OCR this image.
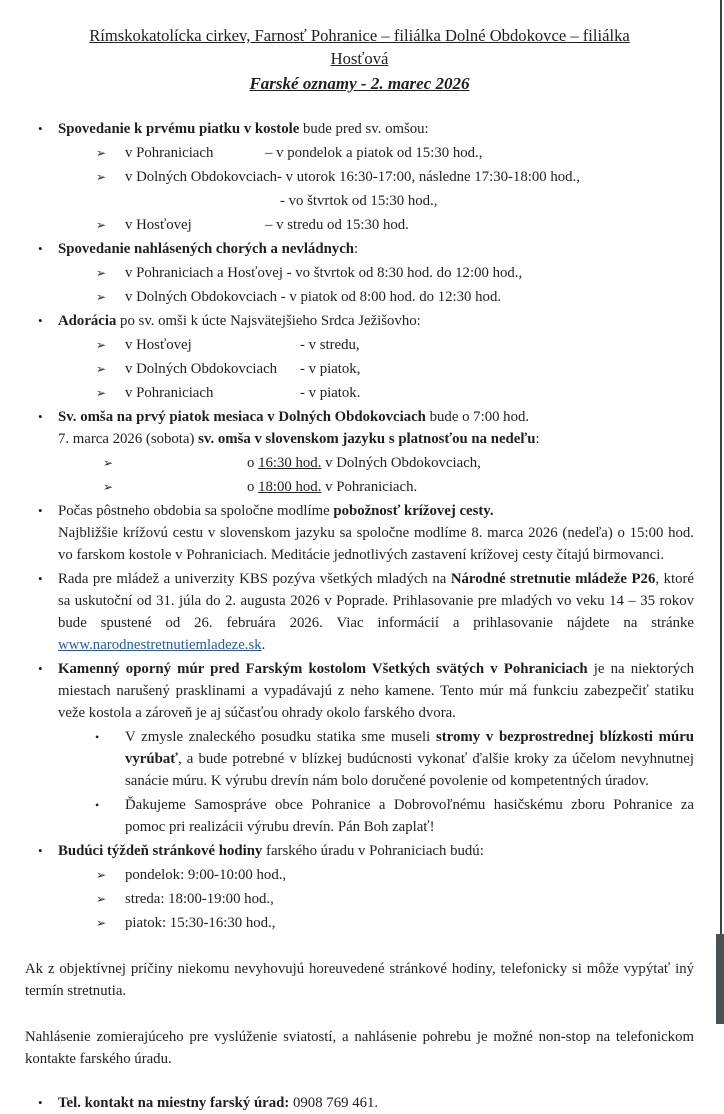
Rímskokatolícka cirkev, Farnosť Pohranice – filiálka Dolné Obdokovce – filiálka
Hosťová
Farské oznamy - 2. marec 2026
•	Spovedanie k prvému piatku v kostole bude pred sv. omšou:
➢	v Pohraniciach	– v pondelok a piatok od 15:30 hod.,
➢	v Dolných Obdokovciach- v utorok 16:30-17:00, následne 17:30-18:00 hod.,
- vo štvrtok od 15:30 hod.,
➢	v Hosťovej	– v stredu od 15:30 hod.
•	Spovedanie nahlásených chorých a nevládnych:
➢	v Pohraniciach a Hosťovej - vo štvrtok od 8:30 hod. do 12:00 hod.,
➢	v Dolných Obdokovciach - v piatok od 8:00 hod. do 12:30 hod.
•	Adorácia po sv. omši k úcte Najsvätejšieho Srdca Ježišovho:
➢	v Hosťovej	- v stredu,
➢	v Dolných Obdokovciach - v piatok,
➢	v Pohraniciach	- v piatok.
•	Sv. omša na prvý piatok mesiaca v Dolných Obdokovciach bude o 7:00 hod.
7. marca 2026 (sobota) sv. omša v slovenskom jazyku s platnosťou na nedeľu:
➢	o 16:30 hod. v Dolných Obdokovciach,
➢	o 18:00 hod. v Pohraniciach.
•	Počas pôstneho obdobia sa spoločne modlíme pobožnosť krížovej cesty.
Najbližšie krížovú cestu v slovenskom jazyku sa spoločne modlíme 8. marca 2026 (nedeľa) o 15:00 hod. vo farskom kostole v Pohraniciach. Meditácie jednotlivých zastavení krížovej cesty čítajú birmovanci.
•	Rada pre mládež a univerzity KBS pozýva všetkých mladých na Národné stretnutie mládeže P26, ktoré sa uskutoční od 31. júla do 2. augusta 2026 v Poprade. Prihlasovanie pre mladých vo veku 14 – 35 rokov bude spustené od 26. februára 2026. Viac informácií a prihlasovanie nájdete na stránke www.narodnestretnutiemladeze.sk.
•	Kamenný oporný múr pred Farským kostolom Všetkých svätých v Pohraniciach je na niektorých miestach narušený prasklinami a vypadávajú z neho kamene. Tento múr má funkciu zabezpečiť statiku veže kostola a zároveň je aj súčasťou ohrady okolo farského dvora.
•	V zmysle znaleckého posudku statika sme museli stromy v bezprostrednej blízkosti múru vyrúbať, a bude potrebné v blízkej budúcnosti vykonať ďalšie kroky za účelom nevyhnutnej sanácie múru. K výrubu drevín nám bolo doručené povolenie od kompetentných úradov.
•	Ďakujeme Samospráve obce Pohranice a Dobrovoľnému hasičskému zboru Pohranice za pomoc pri realizácii výrubu drevín. Pán Boh zaplať!
•	Budúci týždeň stránkové hodiny farského úradu v Pohraniciach budú:
➢	pondelok: 9:00-10:00 hod.,
➢	streda: 18:00-19:00 hod.,
➢	piatok: 15:30-16:30 hod.,
Ak z objektívnej príčiny niekomu nevyhovujú horeuvedené stránkové hodiny, telefonicky si môže vypýtať iný termín stretnutia.
Nahlásenie zomierajúceho pre vyslúženie sviatostí, a nahlásenie pohrebu je možné non-stop na telefonickom kontakte farského úradu.
•	Tel. kontakt na miestny farský úrad: 0908 769 461.
